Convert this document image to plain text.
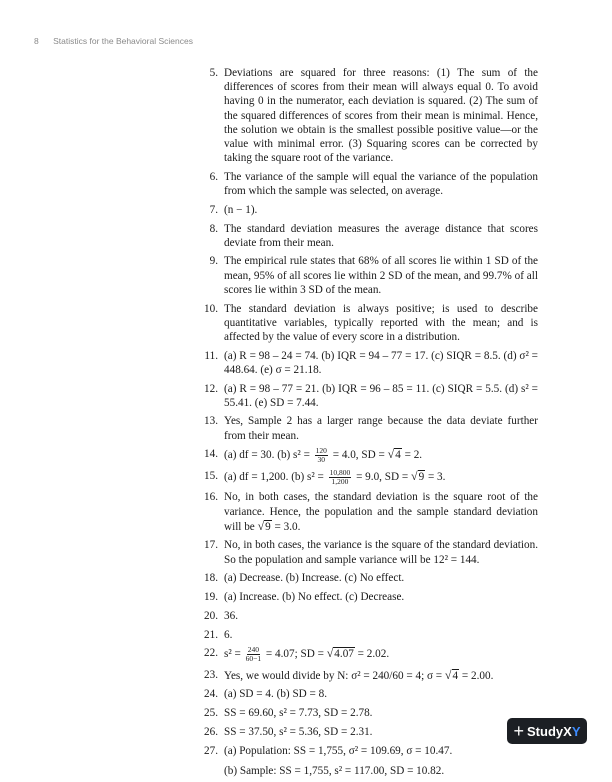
8 Statistics for the Behavioral Sciences
5. Deviations are squared for three reasons: (1) The sum of the differences of scores from their mean will always equal 0. To avoid having 0 in the numerator, each deviation is squared. (2) The sum of the squared differences of scores from their mean is minimal. Hence, the solution we obtain is the smallest possible positive value—or the value with minimal error. (3) Squaring scores can be corrected by taking the square root of the variance.
6. The variance of the sample will equal the variance of the population from which the sample was selected, on average.
7. (n − 1).
8. The standard deviation measures the average distance that scores deviate from their mean.
9. The empirical rule states that 68% of all scores lie within 1 SD of the mean, 95% of all scores lie within 2 SD of the mean, and 99.7% of all scores lie within 3 SD of the mean.
10. The standard deviation is always positive; is used to describe quantitative variables, typically reported with the mean; and is affected by the value of every score in a distribution.
11. (a) R = 98 – 24 = 74. (b) IQR = 94 – 77 = 17. (c) SIQR = 8.5. (d) σ² = 448.64. (e) σ = 21.18.
12. (a) R = 98 – 77 = 21. (b) IQR = 96 – 85 = 11. (c) SIQR = 5.5. (d) s² = 55.41. (e) SD = 7.44.
13. Yes, Sample 2 has a larger range because the data deviate further from their mean.
14. (a) df = 30. (b) $s^2 = \frac{120}{30} = 4.0$, SD = √4 = 2.
15. (a) df = 1,200. (b) $s^2 = \frac{10,800}{1,200} = 9.0$, SD = √9 = 3.
16. No, in both cases, the standard deviation is the square root of the variance. Hence, the population and the sample standard deviation will be √9 = 3.0.
17. No, in both cases, the variance is the square of the standard deviation. So the population and sample variance will be 12² = 144.
18. (a) Decrease. (b) Increase. (c) No effect.
19. (a) Increase. (b) No effect. (c) Decrease.
20. 36.
21. 6.
22. $s^2 = \frac{240}{60-1} = 4.07$; SD = √4.07 = 2.02.
23. Yes, we would divide by N: σ² = 240/60 = 4; σ = √4 = 2.00.
24. (a) SD = 4. (b) SD = 8.
25. SS = 69.60, s² = 7.73, SD = 2.78.
26. SS = 37.50, s² = 5.36, SD = 2.31.
27. (a) Population: SS = 1,755, σ² = 109.69, σ = 10.47.
(b) Sample: SS = 1,755, s² = 117.00, SD = 10.82.
+ StudyX Y
